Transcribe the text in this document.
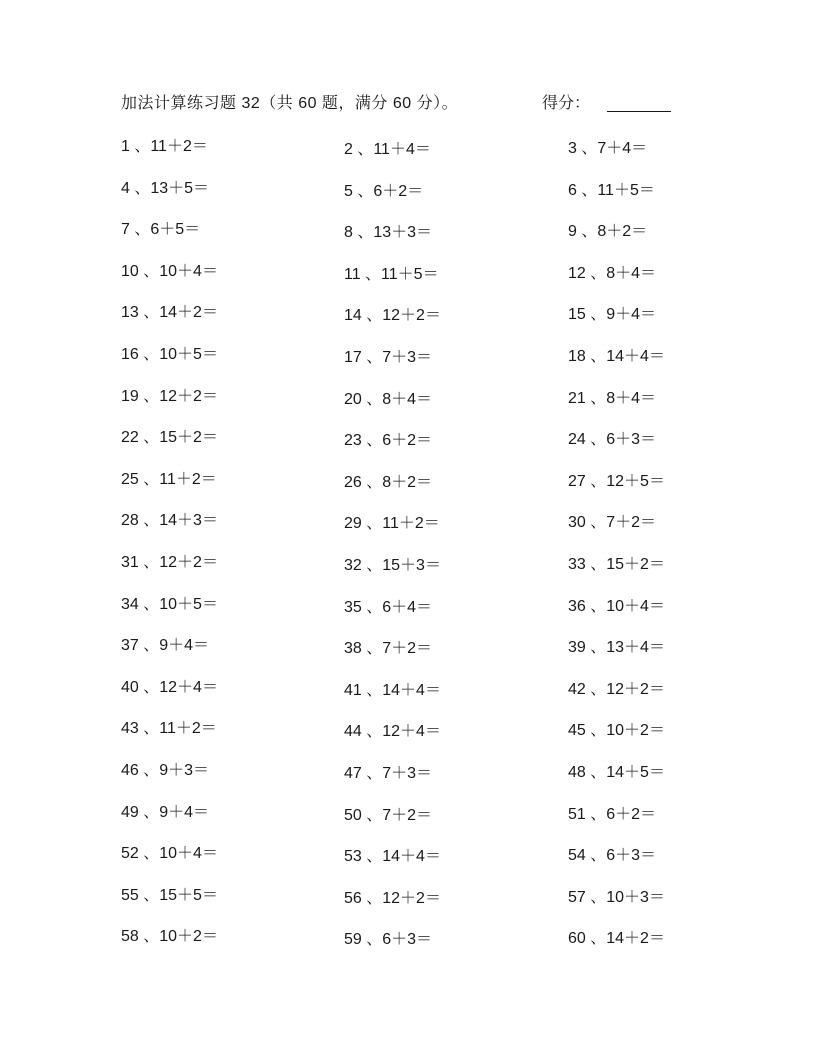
加法计算练习题 32（共 60 题，满分 60 分）。	得分：
1 、11＋2＝	2 、11＋4＝	3 、7＋4＝
4 、13＋5＝	5 、6＋2＝	6 、11＋5＝
7 、6＋5＝	8 、13＋3＝	9 、8＋2＝
10 、10＋4＝	11 、11＋5＝	12 、8＋4＝
13 、14＋2＝	14 、12＋2＝	15 、9＋4＝
16 、10＋5＝	17 、7＋3＝	18 、14＋4＝
19 、12＋2＝	20 、8＋4＝	21 、8＋4＝
22 、15＋2＝	23 、6＋2＝	24 、6＋3＝
25 、11＋2＝	26 、8＋2＝	27 、12＋5＝
28 、14＋3＝	29 、11＋2＝	30 、7＋2＝
31 、12＋2＝	32 、15＋3＝	33 、15＋2＝
34 、10＋5＝	35 、6＋4＝	36 、10＋4＝
37 、9＋4＝	38 、7＋2＝	39 、13＋4＝
40 、12＋4＝	41 、14＋4＝	42 、12＋2＝
43 、11＋2＝	44 、12＋4＝	45 、10＋2＝
46 、9＋3＝	47 、7＋3＝	48 、14＋5＝
49 、9＋4＝	50 、7＋2＝	51 、6＋2＝
52 、10＋4＝	53 、14＋4＝	54 、6＋3＝
55 、15＋5＝	56 、12＋2＝	57 、10＋3＝
58 、10＋2＝	59 、6＋3＝	60 、14＋2＝
